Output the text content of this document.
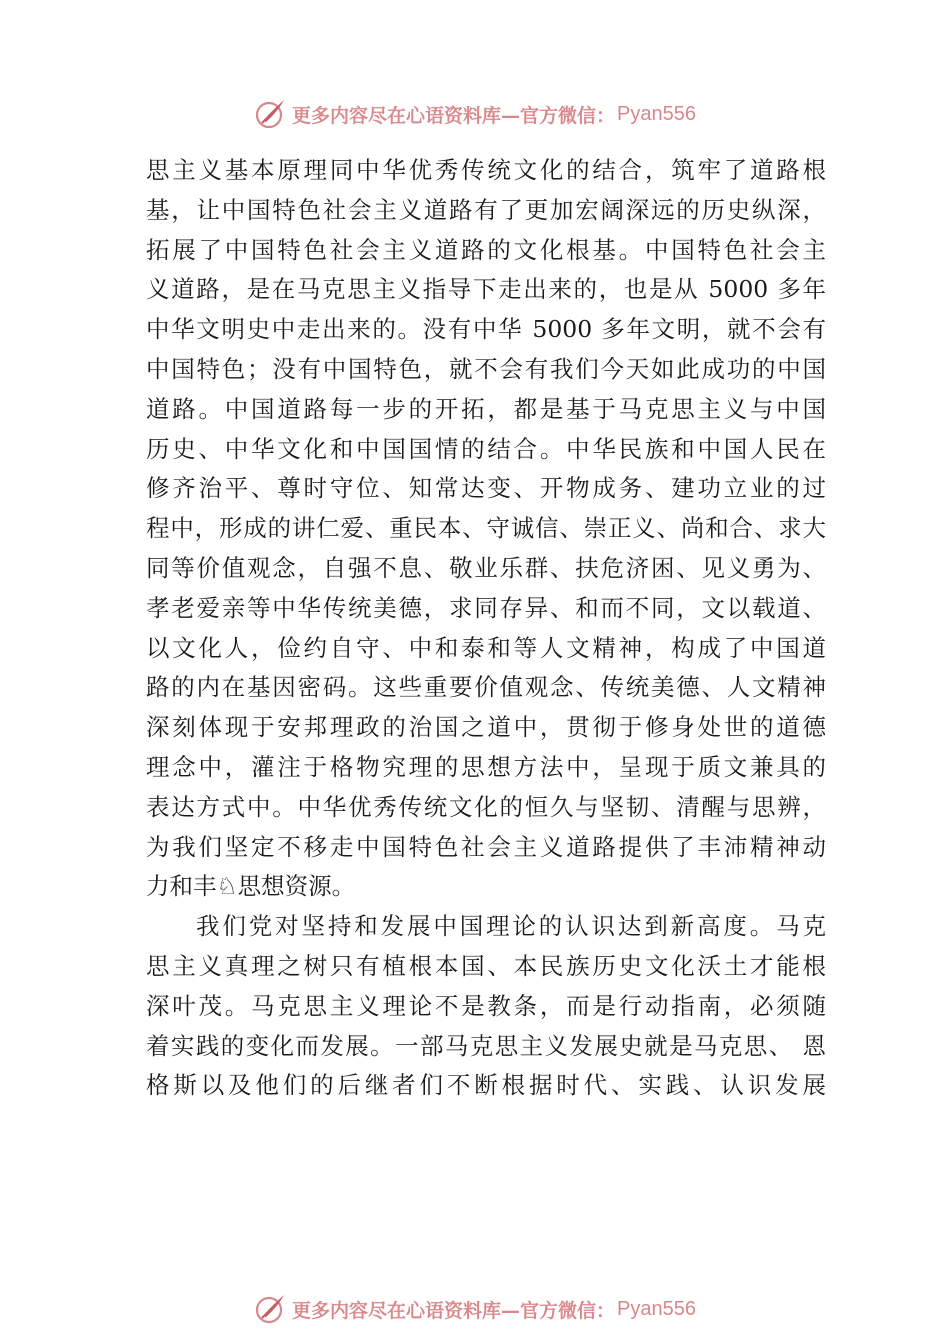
更多内容尽在心语资料库—官方微信： Pyan556
思主义基本原理同中华优秀传统文化的结合，筑牢了道路根
基，让中国特色社会主义道路有了更加宏阔深远的历史纵深，
拓展了中国特色社会主义道路的文化根基。中国特色社会主
义道路，是在马克思主义指导下走出来的，也是从 5000 多年
中华文明史中走出来的。没有中华 5000 多年文明，就不会有
中国特色；没有中国特色，就不会有我们今天如此成功的中国
道路。中国道路每一步的开拓，都是基于马克思主义与中国
历史、中华文化和中国国情的结合。中华民族和中国人民在
修齐治平、尊时守位、知常达变、开物成务、建功立业的过
程中，形成的讲仁爱、重民本、守诚信、崇正义、尚和合、求大
同等价值观念，自强不息、敬业乐群、扶危济困、见义勇为、
孝老爱亲等中华传统美德，求同存异、和而不同，文以载道、
以文化人，俭约自守、中和泰和等人文精神，构成了中国道
路的内在基因密码。这些重要价值观念、传统美德、人文精神
深刻体现于安邦理政的治国之道中，贯彻于修身处世的道德
理念中，灌注于格物究理的思想方法中，呈现于质文兼具的
表达方式中。中华优秀传统文化的恒久与坚韧、清醒与思辨，
为我们坚定不移走中国特色社会主义道路提供了丰沛精神动
力和丰♘思想资源。
我们党对坚持和发展中国理论的认识达到新高度。马克
思主义真理之树只有植根本国、本民族历史文化沃土才能根
深叶茂。马克思主义理论不是教条，而是行动指南，必须随
着实践的变化而发展。一部马克思主义发展史就是马克思、 恩
格斯以及他们的后继者们不断根据时代、实践、认识发展
更多内容尽在心语资料库—官方微信： Pyan556
